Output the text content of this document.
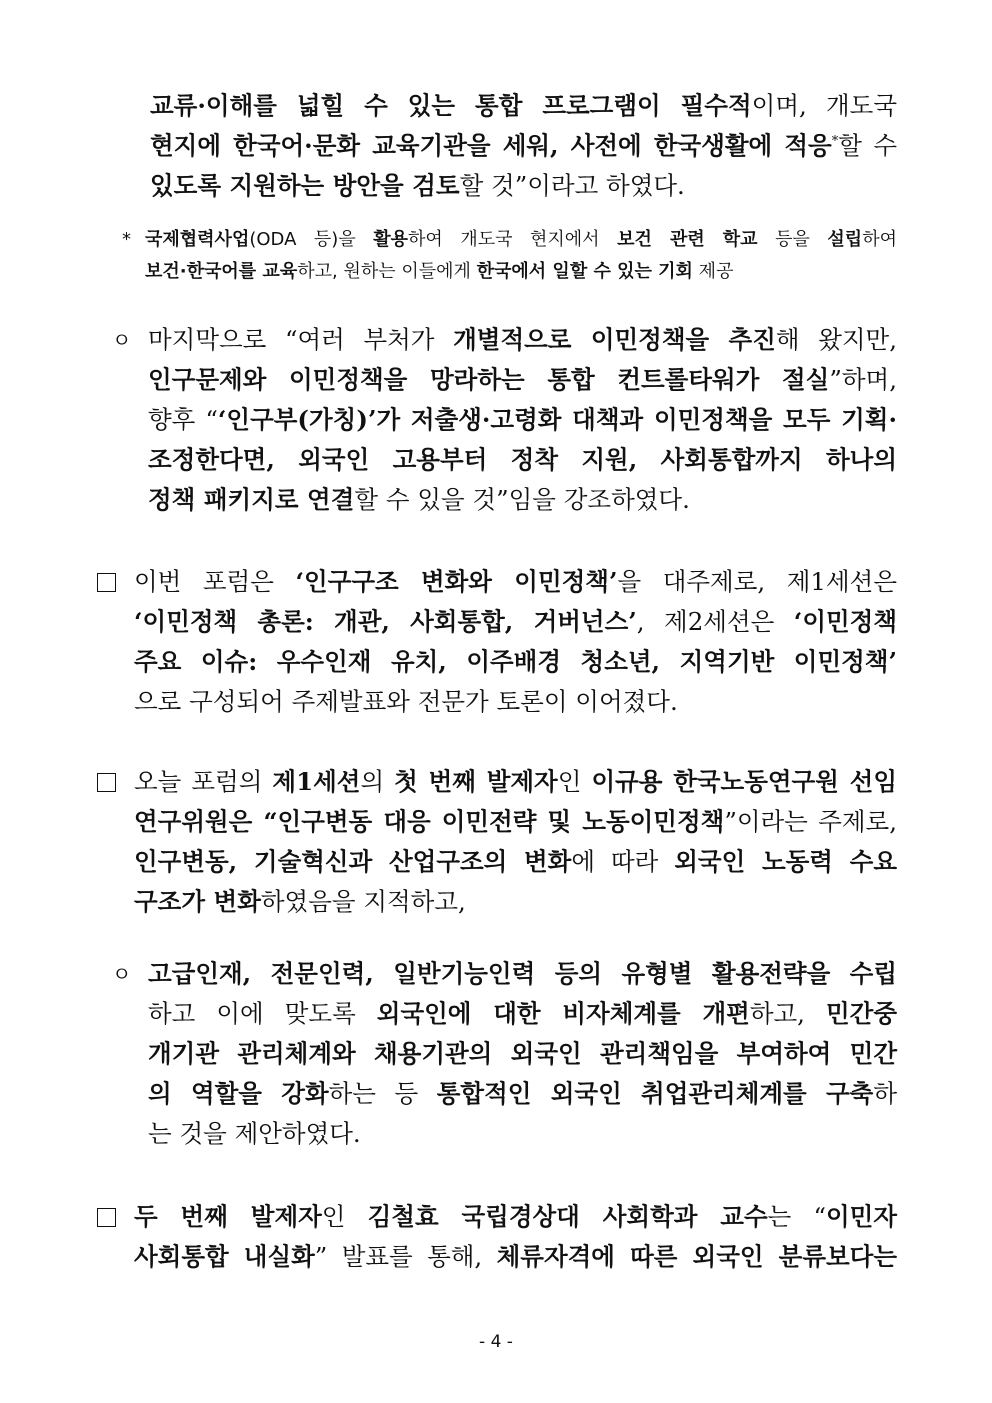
교류·이해를 넓힐 수 있는 통합 프로그램이 필수적이며, 개도국
현지에 한국어·문화 교육기관을 세워, 사전에 한국생활에 적응*할 수
있도록 지원하는 방안을 검토할 것”이라고 하였다.
* 국제협력사업(ODA 등)을 활용하여 개도국 현지에서 보건 관련 학교 등을 설립하여
보건·한국어를 교육하고, 원하는 이들에게 한국에서 일할 수 있는 기회 제공
ㅇ 마지막으로 “여러 부처가 개별적으로 이민정책을 추진해 왔지만,
인구문제와 이민정책을 망라하는 통합 컨트롤타워가 절실”하며,
향후 “‘인구부(가칭)’가 저출생·고령화 대책과 이민정책을 모두 기획·
조정한다면, 외국인 고용부터 정착 지원, 사회통합까지 하나의
정책 패키지로 연결할 수 있을 것”임을 강조하였다.
이번 포럼은 ‘인구구조 변화와 이민정책’을 대주제로, 제1세션은
‘이민정책 총론: 개관, 사회통합, 거버넌스’, 제2세션은 ‘이민정책
주요 이슈: 우수인재 유치, 이주배경 청소년, 지역기반 이민정책’
으로 구성되어 주제발표와 전문가 토론이 이어졌다.
오늘 포럼의 제1세션의 첫 번째 발제자인 이규용 한국노동연구원 선임
연구위원은 “인구변동 대응 이민전략 및 노동이민정책”이라는 주제로,
인구변동, 기술혁신과 산업구조의 변화에 따라 외국인 노동력 수요
구조가 변화하였음을 지적하고,
ㅇ 고급인재, 전문인력, 일반기능인력 등의 유형별 활용전략을 수립
하고 이에 맞도록 외국인에 대한 비자체계를 개편하고, 민간중
개기관 관리체계와 채용기관의 외국인 관리책임을 부여하여 민간
의 역할을 강화하는 등 통합적인 외국인 취업관리체계를 구축하
는 것을 제안하였다.
두 번째 발제자인 김철효 국립경상대 사회학과 교수는 “이민자
사회통합 내실화” 발표를 통해, 체류자격에 따른 외국인 분류보다는
- 4 -
